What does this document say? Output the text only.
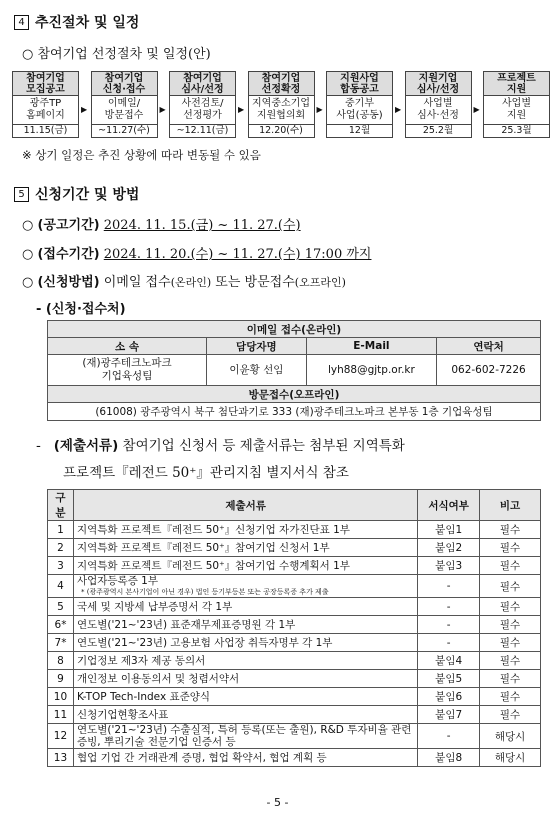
4 추진절차 및 일정
○ 참여기업 선정절차 및 일정(안)
참여기업
모집공고
광주TP
홈페이지
11.15(금)
▶
참여기업
신청·접수
이메일/
방문접수
~11.27(수)
▶
참여기업
심사/선정
사전검토/
선정평가
~12.11(금)
▶
참여기업
선정확정
지역중소기업
지원협의회
12.20(수)
▶
지원사업
합동공고
중기부
사업(공동)
12월
▶
지원기업
심사/선정
사업별
심사·선정
25.2월
▶
프로젝트
지원
사업별
지원
25.3월
※ 상기 일정은 추진 상황에 따라 변동될 수 있음
5 신청기간 및 방법
○ (공고기간) 2024. 11. 15.(금) ~ 11. 27.(수)
○ (접수기간) 2024. 11. 20.(수) ~ 11. 27.(수) 17:00 까지
○ (신청방법) 이메일 접수(온라인) 또는 방문접수(오프라인)
- (신청·접수처)
이메일 접수(온라인)			
소 속	담당자명	E-Mail	연락처
(재)광주테크노파크
기업육성팀	이윤황 선임	lyh88@gjtp.or.kr	062-602-7226
방문접수(오프라인)			
(61008) 광주광역시 북구 첨단과기로 333 (재)광주테크노파크 본부동 1층 기업육성팀			
- (제출서류) 참여기업 신청서 등 제출서류는 첨부된 지역특화
프로젝트『레전드 50⁺』관리지침 별지서식 참조
구분	제출서류	서식여부	비고
1	지역특화 프로젝트『레전드 50⁺』신청기업 자가진단표 1부	붙임1	필수
2	지역특화 프로젝트『레전드 50⁺』참여기업 신청서 1부	붙임2	필수
3	지역특화 프로젝트『레전드 50⁺』참여기업 수행계획서 1부	붙임3	필수
4	사업자등록증 1부
* (광주광역시 본사기업이 아닌 경우) 법인 등기부등본 또는 공장등록증 추가 제출	-	필수
5	국세 및 지방세 납부증명서 각 1부	-	필수
6*	연도별('21~'23년) 표준재무제표증명원 각 1부	-	필수
7*	연도별('21~'23년) 고용보험 사업장 취득자명부 각 1부	-	필수
8	기업정보 제3자 제공 동의서	붙임4	필수
9	개인정보 이용동의서 및 청렴서약서	붙임5	필수
10	K-TOP Tech-Index 표준양식	붙임6	필수
11	신청기업현황조사표	붙임7	필수
12	연도별('21~'23년) 수출실적, 특허 등록(또는 출원), R&D 투자비율 관련
증빙, 뿌리기술 전문기업 인증서 등	-	해당시
13	협업 기업 간 거래관계 증명, 협업 확약서, 협업 계획 등	붙임8	해당시
- 5 -
